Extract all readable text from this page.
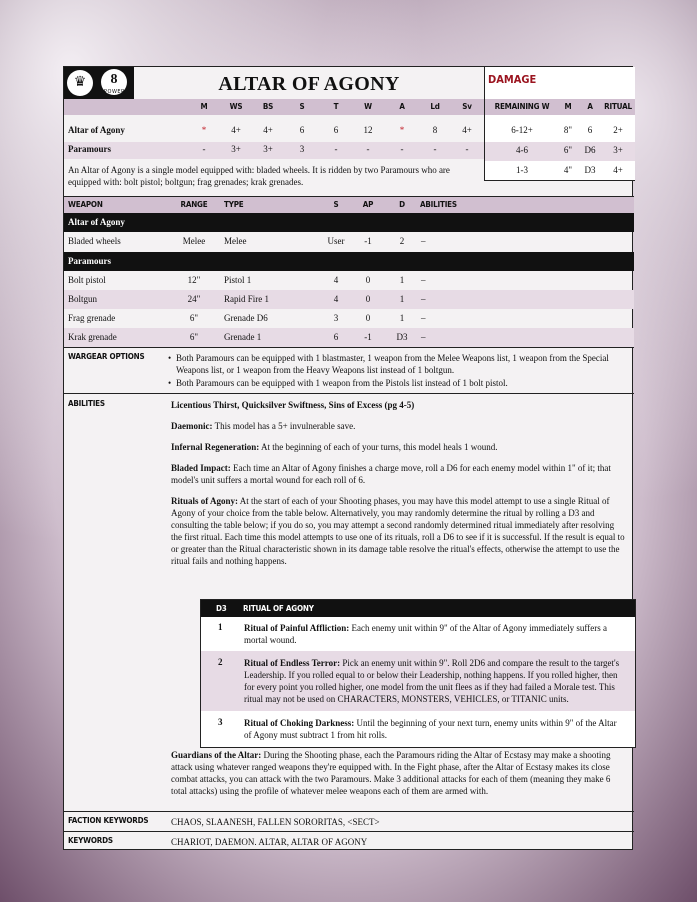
♛	8
POWER	ALTAR OF AGONY
M	WS	BS	S	T	W	A	Ld	Sv
Altar of Agony	*	4+	4+	6	6	12	*	8	4+
Paramours	-	3+	3+	3	-	-	-	-	-
An Altar of Agony is a single model equipped with: bladed wheels. It is ridden by two Paramours who are equipped with: bolt pistol; boltgun; frag grenades; krak grenades.
DAMAGE
REMAINING W	M	A	RITUAL
6-12+	8"	6	2+
4-6	6"	D6	3+
1-3	4"	D3	4+
WEAPON	RANGE	TYPE	S	AP	D	ABILITIES
Altar of Agony
Bladed wheels	Melee	Melee	User	-1	2	–
Paramours
Bolt pistol	12"	Pistol 1	4	0	1	–
Boltgun	24"	Rapid Fire 1	4	0	1	–
Frag grenade	6"	Grenade D6	3	0	1	–
Krak grenade	6"	Grenade 1	6	-1	D3	–
WARGEAR OPTIONS	• Both Paramours can be equipped with 1 blastmaster, 1 weapon from the Melee Weapons list, 1 weapon from the Special Weapons list, or 1 weapon from the Heavy Weapons list instead of 1 boltgun.
• Both Paramours can be equipped with 1 weapon from the Pistols list instead of 1 bolt pistol.
ABILITIES	Licentious Thirst, Quicksilver Swiftness, Sins of Excess (pg 4-5)

Daemonic: This model has a 5+ invulnerable save.

Infernal Regeneration: At the beginning of each of your turns, this model heals 1 wound.

Bladed Impact: Each time an Altar of Agony finishes a charge move, roll a D6 for each enemy model within 1" of it; that model's unit suffers a mortal wound for each roll of 6.

Rituals of Agony: At the start of each of your Shooting phases, you may have this model attempt to use a single Ritual of Agony of your choice from the table below. Alternatively, you may randomly determine the ritual by rolling a D3 and consulting the table below; if you do so, you may attempt a second randomly determined ritual immediately after resolving the first ritual. Each time this model attempts to use one of its rituals, roll a D6 to see if it is successful. If the result is equal to or greater than the Ritual characteristic shown in its damage table resolve the ritual's effects, otherwise the attempt to use the ritual fails and nothing happens.

Guardians of the Altar: During the Shooting phase, each the Paramours riding the Altar of Ecstasy may make a shooting attack using whatever ranged weapons they're equipped with. In the Fight phase, after the Altar of Ecstasy makes its close combat attacks, you can attack with the two Paramours. Make 3 additional attacks for each of them (meaning they make 6 total attacks) using the profile of whatever melee weapons each of them are armed with.
D3 RITUAL OF AGONY
1 Ritual of Painful Affliction: Each enemy unit within 9" of the Altar of Agony immediately suffers a mortal wound.
2 Ritual of Endless Terror: Pick an enemy unit within 9". Roll 2D6 and compare the result to the target's Leadership. If you rolled equal to or below their Leadership, nothing happens. If you rolled higher, then for every point you rolled higher, one model from the unit flees as if they had failed a Morale test. This ritual may not be used on CHARACTERS, MONSTERS, VEHICLES, or TITANIC units.
3 Ritual of Choking Darkness: Until the beginning of your next turn, enemy units within 9" of the Altar of Agony must subtract 1 from hit rolls.
FACTION KEYWORDS	CHAOS, SLAANESH, FALLEN SORORITAS, <SECT>
KEYWORDS	CHARIOT, DAEMON. ALTAR, ALTAR OF AGONY
